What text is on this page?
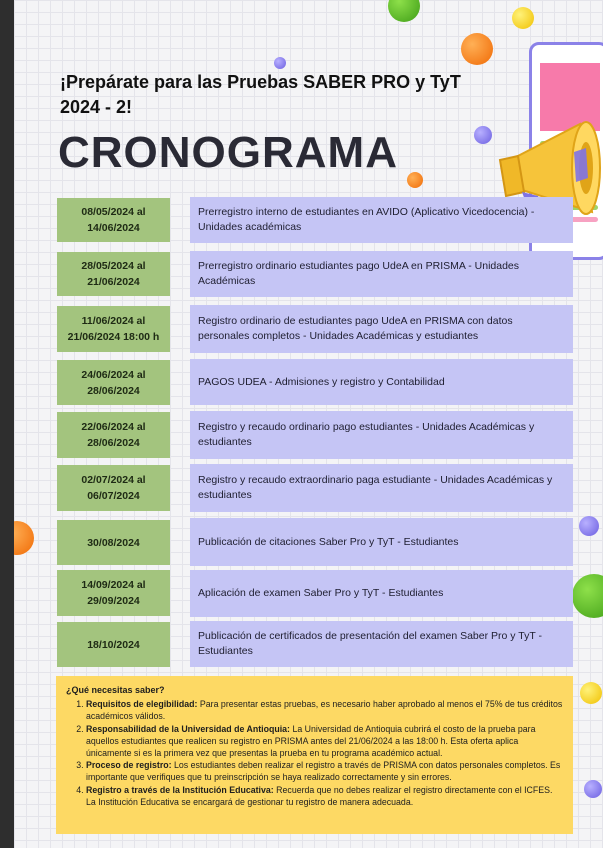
¡Prepárate para las Pruebas SABER PRO y TyT 2024 - 2!
CRONOGRAMA
08/05/2024 al
14/06/2024
Prerregistro interno de estudiantes en AVIDO (Aplicativo Vicedocencia) - Unidades académicas
28/05/2024 al
21/06/2024
Prerregistro ordinario estudiantes pago UdeA en PRISMA - Unidades Académicas
11/06/2024 al
21/06/2024 18:00 h
Registro ordinario de estudiantes pago UdeA en PRISMA con datos personales completos - Unidades Académicas y estudiantes
24/06/2024 al
28/06/2024
PAGOS UDEA - Admisiones y registro y Contabilidad
22/06/2024 al
28/06/2024
Registro y recaudo ordinario pago estudiantes - Unidades Académicas y estudiantes
02/07/2024 al
06/07/2024
Registro y recaudo extraordinario paga estudiante - Unidades Académicas y estudiantes
30/08/2024	Publicación de citaciones Saber Pro y TyT - Estudiantes
14/09/2024 al
29/09/2024
Aplicación de examen Saber Pro y TyT - Estudiantes
18/10/2024
Publicación de certificados de presentación del examen Saber Pro y TyT - Estudiantes
¿Qué necesitas saber?
1. Requisitos de elegibilidad: Para presentar estas pruebas, es necesario haber aprobado al menos el 75% de tus créditos académicos válidos.
2. Responsabilidad de la Universidad de Antioquia: La Universidad de Antioquia cubrirá el costo de la prueba para aquellos estudiantes que realicen su registro en PRISMA antes del 21/06/2024 a las 18:00 h. Esta oferta aplica únicamente si es la primera vez que presentas la prueba en tu programa académico actual.
3. Proceso de registro: Los estudiantes deben realizar el registro a través de PRISMA con datos personales completos. Es importante que verifiques que tu preinscripción se haya realizado correctamente y sin errores.
4. Registro a través de la Institución Educativa: Recuerda que no debes realizar el registro directamente con el ICFES. La Institución Educativa se encargará de gestionar tu registro de manera adecuada.
